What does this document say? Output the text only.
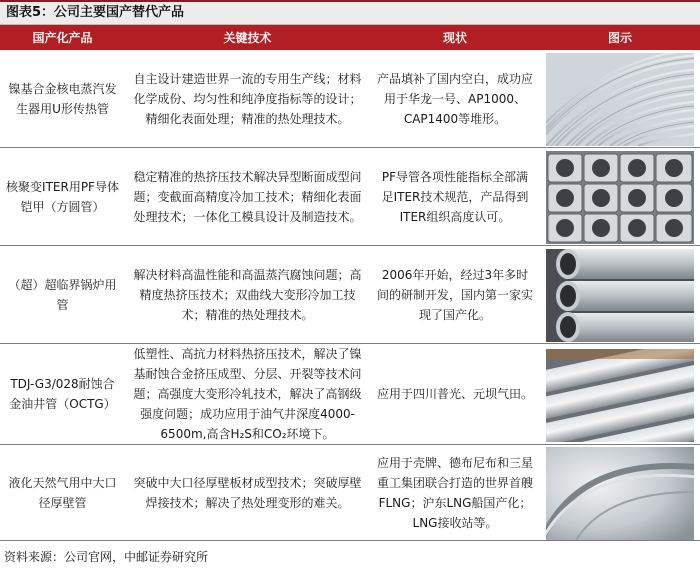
图表5：公司主要国产替代产品
国产化产品	关键技术	现状	图示
镍基合金核电蒸汽发生器用U形传热管	自主设计建造世界一流的专用生产线；材料化学成份、均匀性和纯净度指标等的设计；精细化表面处理；精准的热处理技术。	产品填补了国内空白，成功应用于华龙一号、AP1000、CAP1400等堆形。	

核聚变ITER用PF导体铠甲（方圆管）	稳定精准的热挤压技术解决异型断面成型问题；变截面高精度冷加工技术；精细化表面处理技术；一体化工模具设计及制造技术。	PF导管各项性能指标全部满足ITER技术规范，产品得到ITER组织高度认可。	

（超）超临界锅炉用管	解决材料高温性能和高温蒸汽腐蚀问题；高精度热挤压技术；双曲线大变形冷加工技术；精准的热处理技术。	2006年开始，经过3年多时间的研制开发，国内第一家实现了国产化。	

TDJ-G3/028耐蚀合金油井管（OCTG）	低塑性、高抗力材料热挤压技术，解决了镍基耐蚀合金挤压成型、分层、开裂等技术问题；高强度大变形冷轧技术，解决了高钢级强度问题；成功应用于油气井深度4000-6500m,高含H₂S和CO₂环境下。	应用于四川普光、元坝气田。	

液化天然气用中大口径厚壁管	突破中大口径厚壁板材成型技术；突破厚壁焊接技术；解决了热处理变形的难关。	应用于壳牌、德布尼布和三星重工集团联合打造的世界首艘FLNG；沪东LNG船国产化；LNG接收站等。	
资料来源：公司官网，中邮证券研究所
